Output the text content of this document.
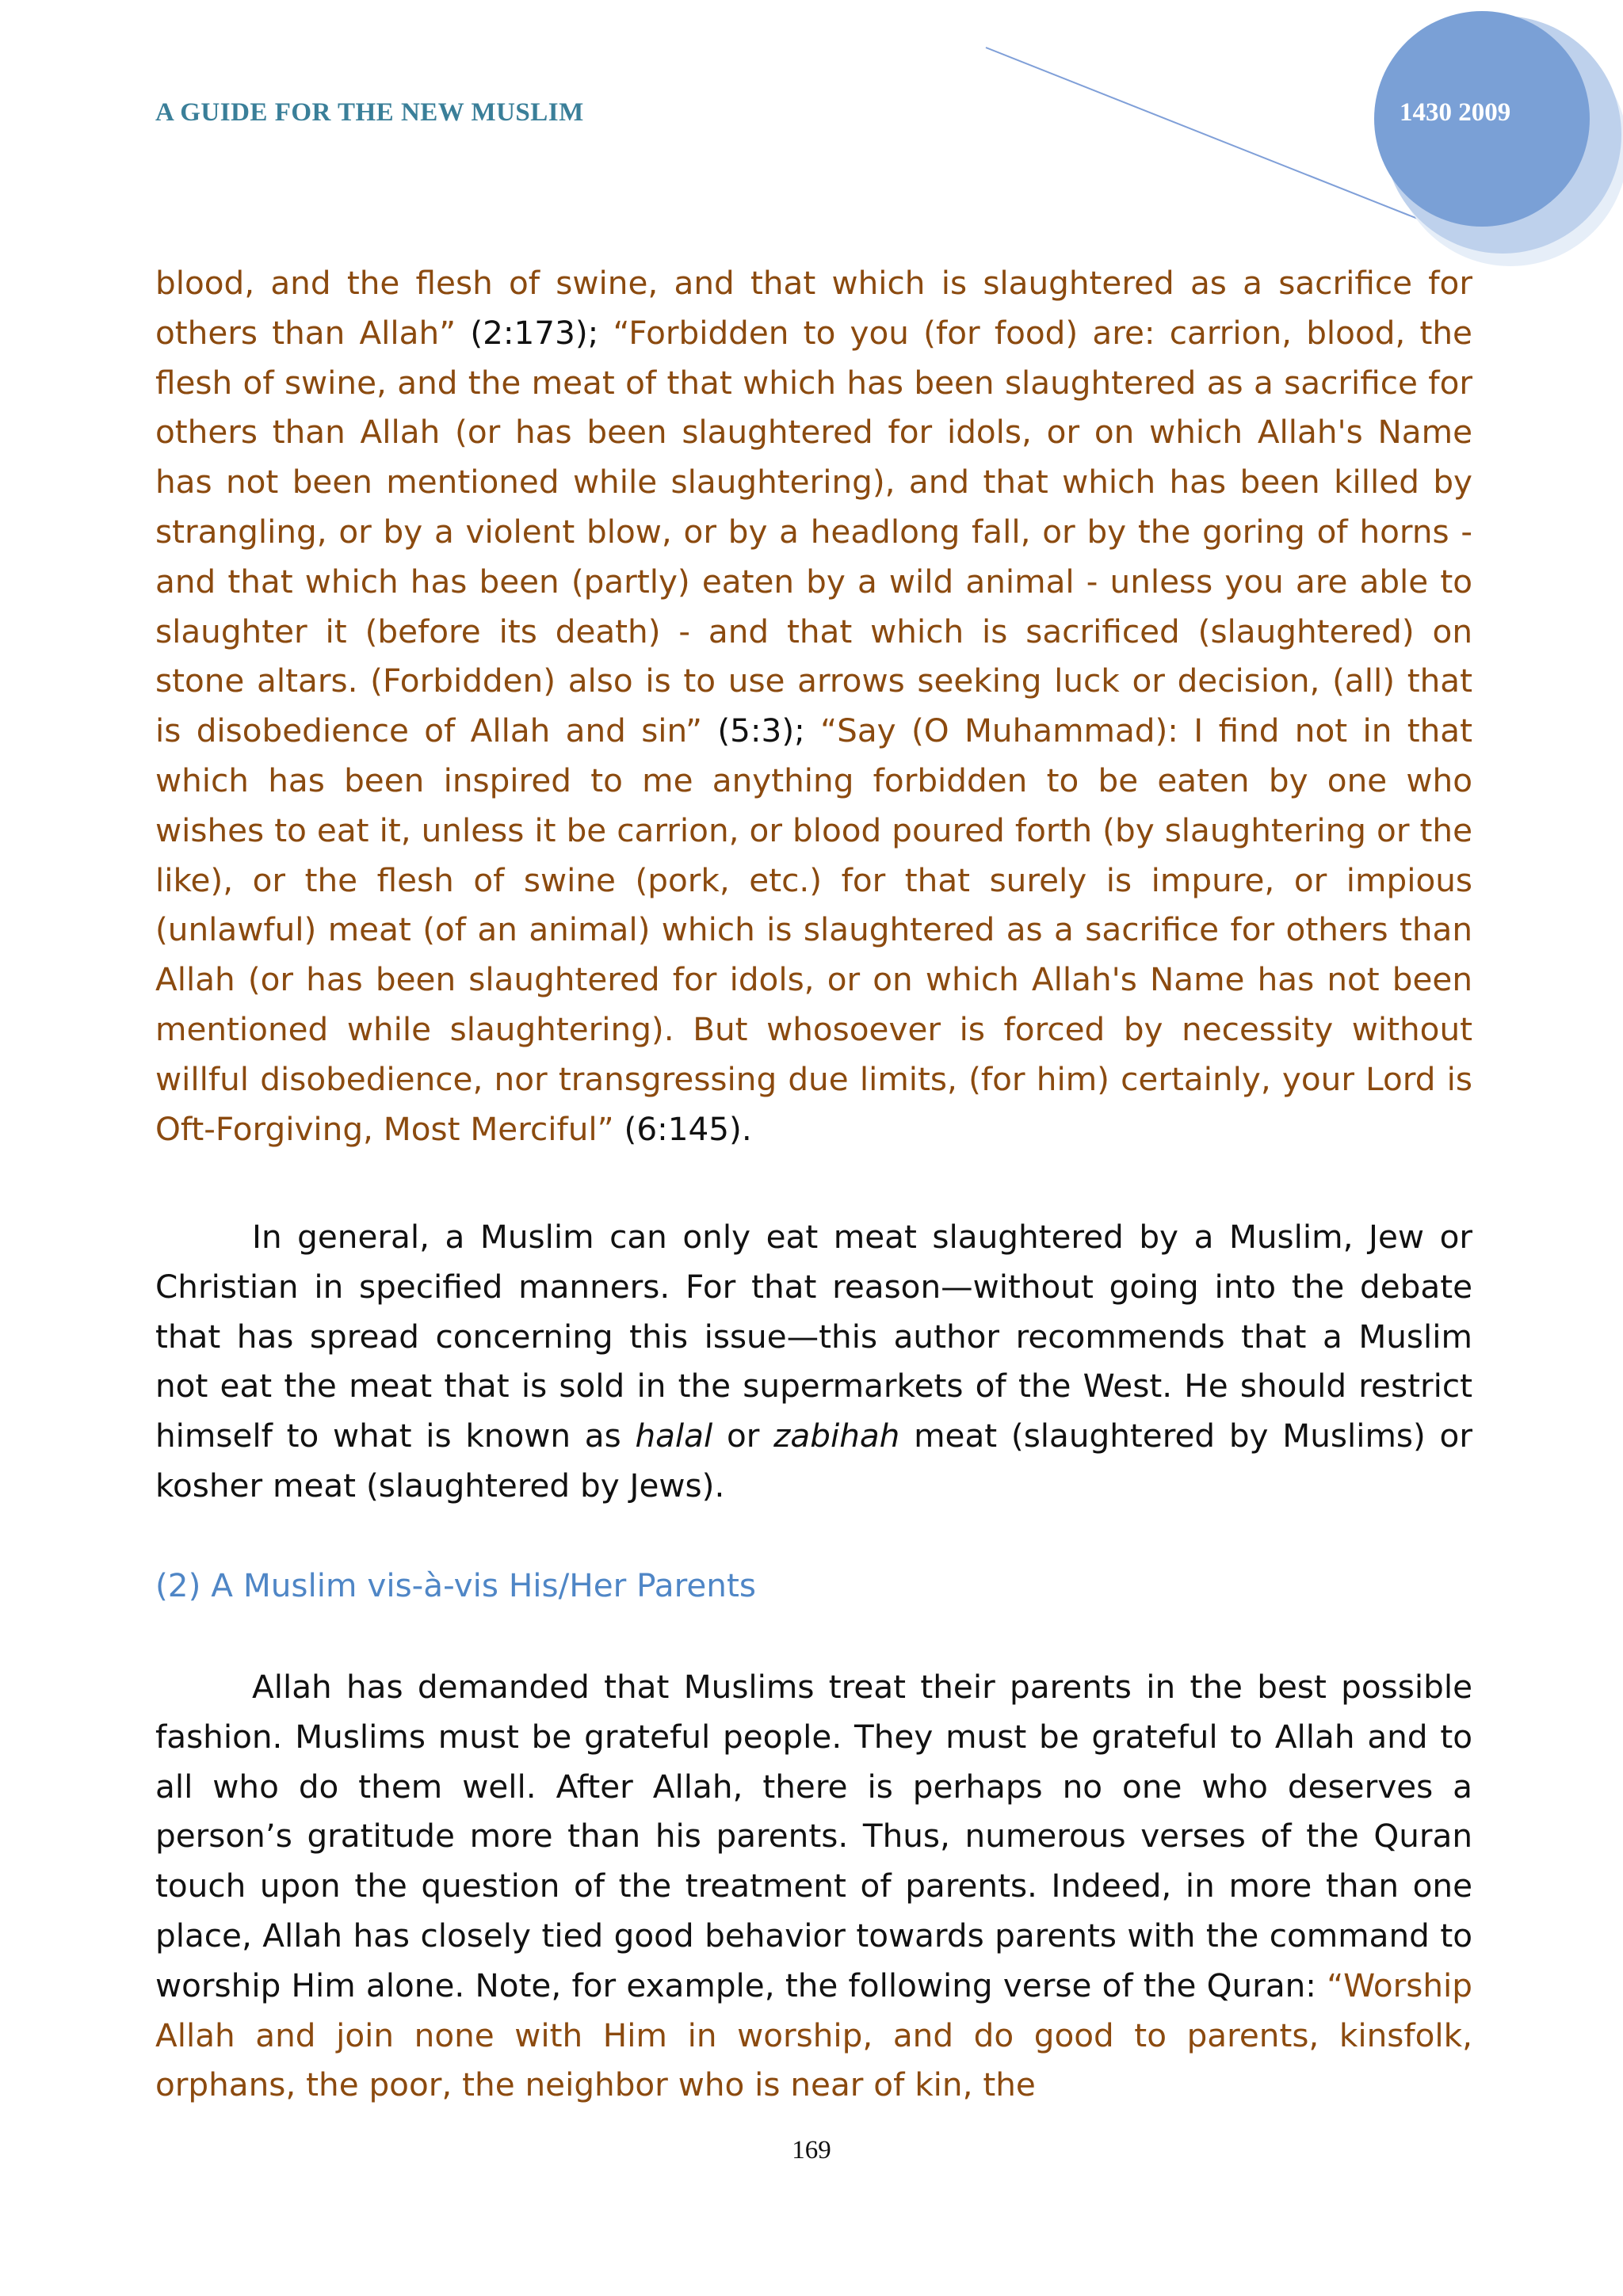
A GUIDE FOR THE NEW MUSLIM	1430 2009
blood, and the flesh of swine, and that which is slaughtered as a sacrifice for others than Allah” (2:173); “Forbidden to you (for food) are: carrion, blood, the flesh of swine, and the meat of that which has been slaughtered as a sacrifice for others than Allah (or has been slaughtered for idols, or on which Allah's Name has not been mentioned while slaughtering), and that which has been killed by strangling, or by a violent blow, or by a headlong fall, or by the goring of horns - and that which has been (partly) eaten by a wild animal - unless you are able to slaughter it (before its death) - and that which is sacrificed (slaughtered) on stone altars. (Forbidden) also is to use arrows seeking luck or decision, (all) that is disobedience of Allah and sin” (5:3); “Say (O Muhammad): I find not in that which has been inspired to me anything forbidden to be eaten by one who wishes to eat it, unless it be carrion, or blood poured forth (by slaughtering or the like), or the flesh of swine (pork, etc.) for that surely is impure, or impious (unlawful) meat (of an animal) which is slaughtered as a sacrifice for others than Allah (or has been slaughtered for idols, or on which Allah's Name has not been mentioned while slaughtering). But whosoever is forced by necessity without willful disobedience, nor transgressing due limits, (for him) certainly, your Lord is Oft-Forgiving, Most Merciful” (6:145).
In general, a Muslim can only eat meat slaughtered by a Muslim, Jew or Christian in specified manners. For that reason—without going into the debate that has spread concerning this issue—this author recommends that a Muslim not eat the meat that is sold in the supermarkets of the West. He should restrict himself to what is known as halal or zabihah meat (slaughtered by Muslims) or kosher meat (slaughtered by Jews).
(2) A Muslim vis-à-vis His/Her Parents
Allah has demanded that Muslims treat their parents in the best possible fashion. Muslims must be grateful people. They must be grateful to Allah and to all who do them well. After Allah, there is perhaps no one who deserves a person’s gratitude more than his parents. Thus, numerous verses of the Quran touch upon the question of the treatment of parents. Indeed, in more than one place, Allah has closely tied good behavior towards parents with the command to worship Him alone. Note, for example, the following verse of the Quran: “Worship Allah and join none with Him in worship, and do good to parents, kinsfolk, orphans, the poor, the neighbor who is near of kin, the
169
